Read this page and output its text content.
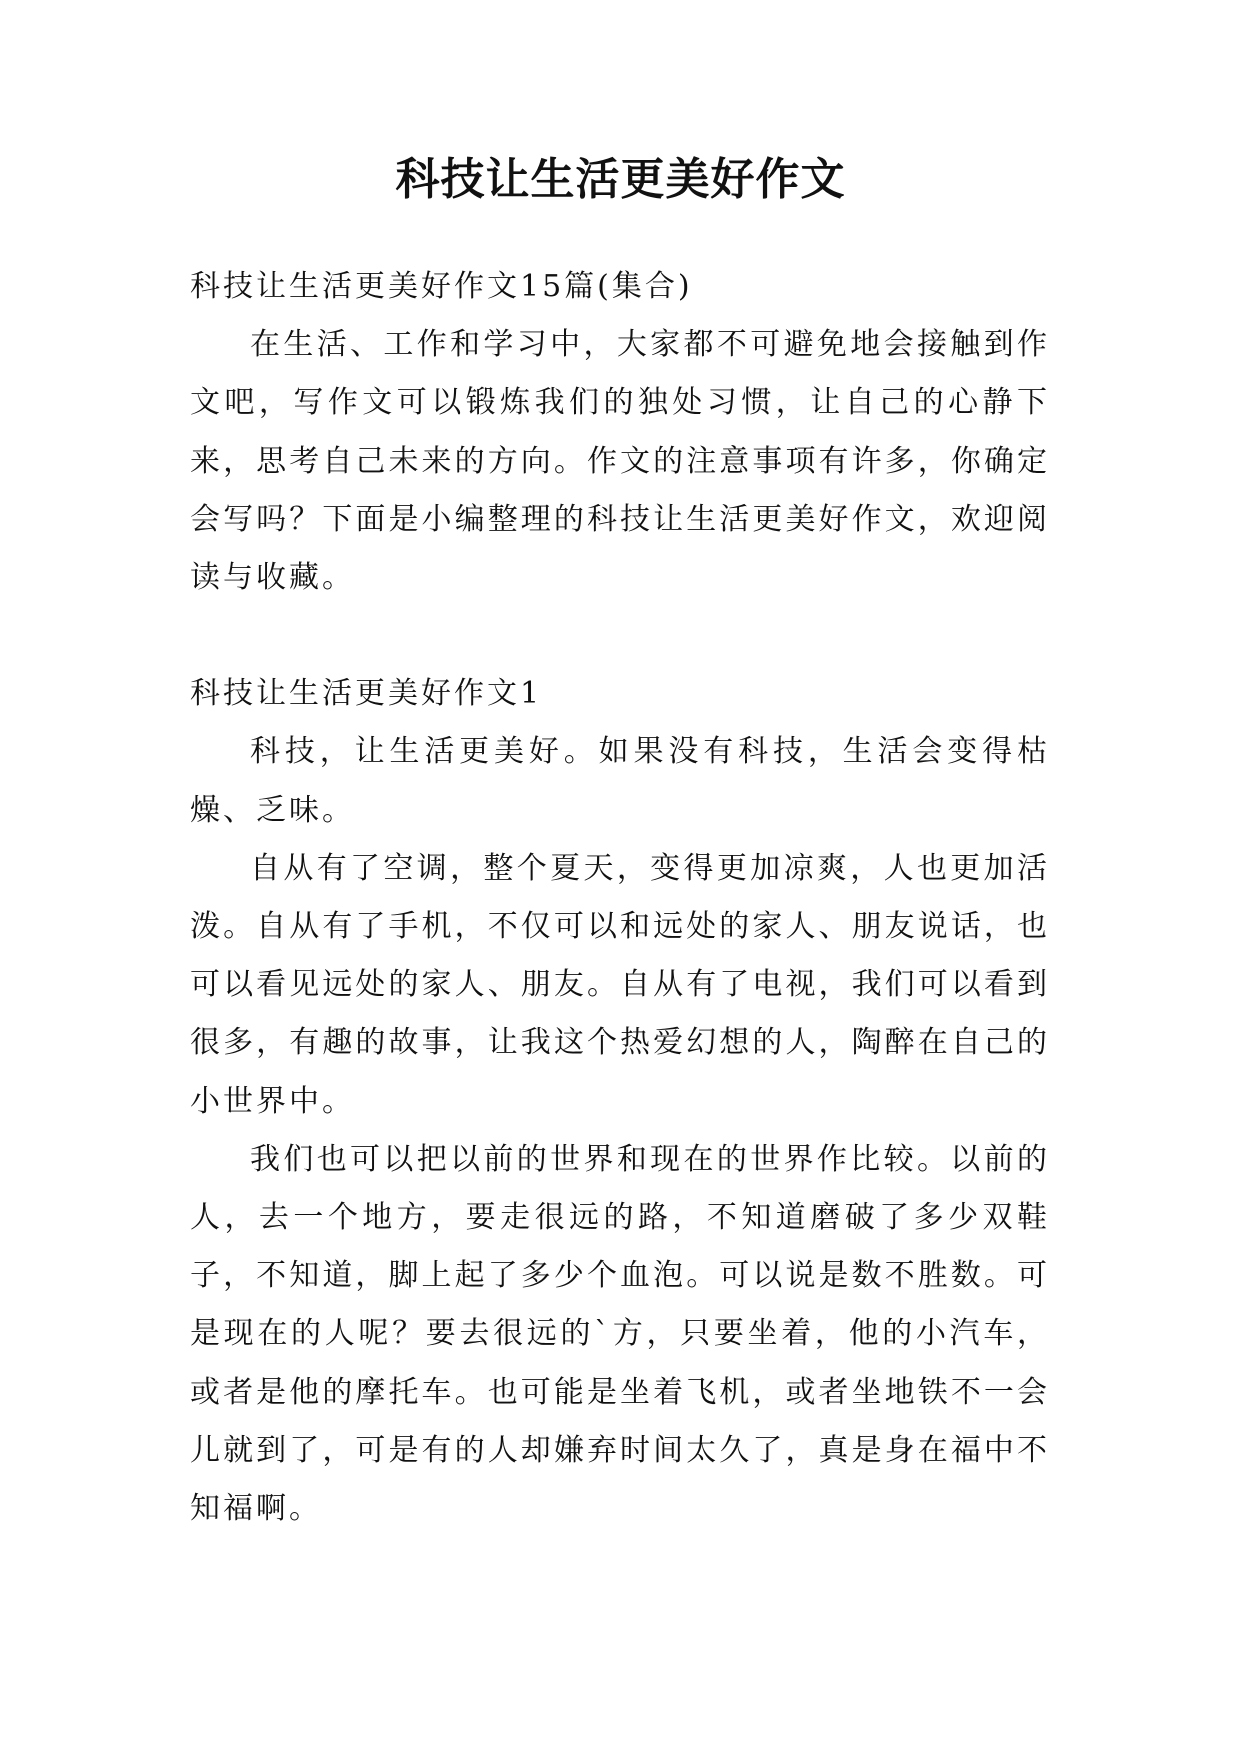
科技让生活更美好作文

科技让生活更美好作文15篇(集合)

在生活、工作和学习中，大家都不可避免地会接触到作文吧，写作文可以锻炼我们的独处习惯，让自己的心静下来，思考自己未来的方向。作文的注意事项有许多，你确定会写吗？下面是小编整理的科技让生活更美好作文，欢迎阅读与收藏。

科技让生活更美好作文1

科技，让生活更美好。如果没有科技，生活会变得枯燥、乏味。

自从有了空调，整个夏天，变得更加凉爽，人也更加活泼。自从有了手机，不仅可以和远处的家人、朋友说话，也可以看见远处的家人、朋友。自从有了电视，我们可以看到很多，有趣的故事，让我这个热爱幻想的人，陶醉在自己的小世界中。

我们也可以把以前的世界和现在的世界作比较。以前的人，去一个地方，要走很远的路，不知道磨破了多少双鞋子，不知道，脚上起了多少个血泡。可以说是数不胜数。可是现在的人呢？要去很远的`方，只要坐着，他的小汽车，或者是他的摩托车。也可能是坐着飞机，或者坐地铁不一会儿就到了，可是有的人却嫌弃时间太久了，真是身在福中不知福啊。
